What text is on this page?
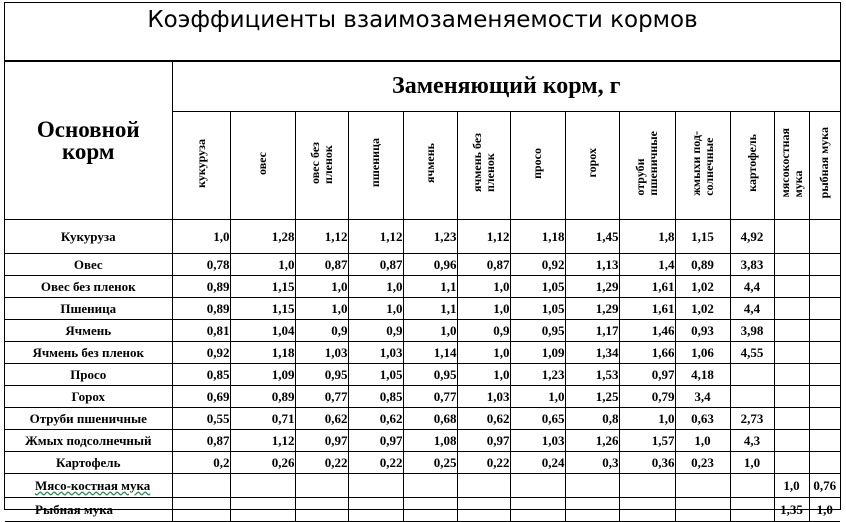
Коэффициенты взаимозаменяемости кормов
Основной
корм	Заменяющий корм, г												
	кукуруза	овес	овес без
пленок	пшеница	ячмень	ячмень без
пленок	просо	горох	отруби
пшеничные	жмыхи под-
солнечные	картофель	мясокостная
мука	рыбная мука
Кукуруза	1,0	1,28	1,12	1,12	1,23	1,12	1,18	1,45	1,8	1,15	4,92		
Овес	0,78	1,0	0,87	0,87	0,96	0,87	0,92	1,13	1,4	0,89	3,83		
Овес без пленок	0,89	1,15	1,0	1,0	1,1	1,0	1,05	1,29	1,61	1,02	4,4		
Пшеница	0,89	1,15	1,0	1,0	1,1	1,0	1,05	1,29	1,61	1,02	4,4		
Ячмень	0,81	1,04	0,9	0,9	1,0	0,9	0,95	1,17	1,46	0,93	3,98		
Ячмень без пленок	0,92	1,18	1,03	1,03	1,14	1,0	1,09	1,34	1,66	1,06	4,55		
Просо	0,85	1,09	0,95	1,05	0,95	1,0	1,23	1,53	0,97	4,18			
Горох	0,69	0,89	0,77	0,85	0,77	1,03	1,0	1,25	0,79	3,4			
Отруби пшеничные	0,55	0,71	0,62	0,62	0,68	0,62	0,65	0,8	1,0	0,63	2,73		
Жмых подсолнечный	0,87	1,12	0,97	0,97	1,08	0,97	1,03	1,26	1,57	1,0	4,3		
Картофель	0,2	0,26	0,22	0,22	0,25	0,22	0,24	0,3	0,36	0,23	1,0		
Мясо-костная мука												1,0	0,76
Рыбная мука												1,35	1,0
